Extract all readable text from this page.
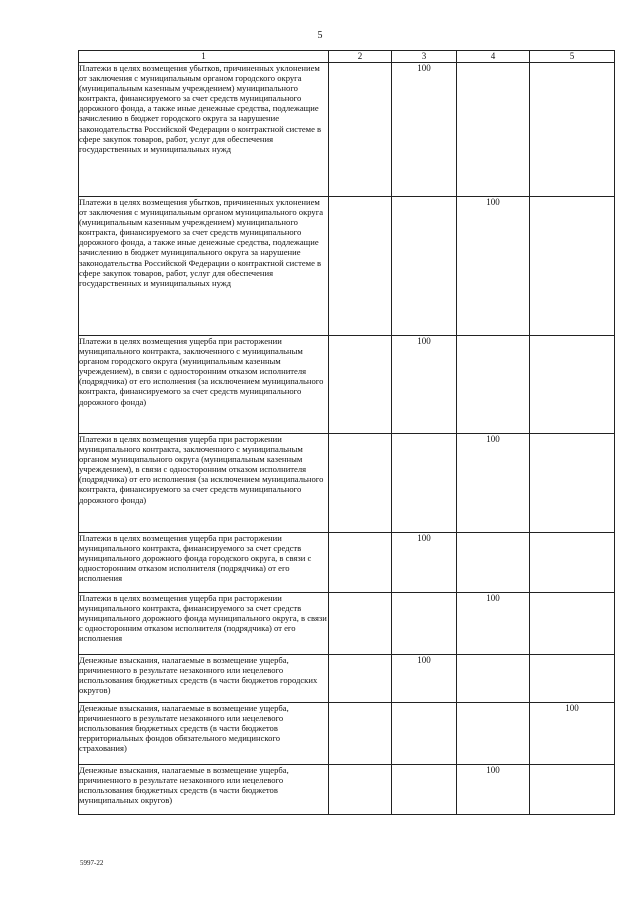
5
1	2	3	4	5
Платежи в целях возмещения убытков, причиненных уклонением от заключения с муниципальным органом городского округа (муниципальным казенным учреждением) муниципального контракта, финансируемого за счет средств муниципального дорожного фонда, а также иные денежные средства, подлежащие зачислению в бюджет городского округа за нарушение законодательства Российской Федерации о контрактной системе в сфере закупок товаров, работ, услуг для обеспечения государственных и муниципальных нужд		100		
Платежи в целях возмещения убытков, причиненных уклонением от заключения с муниципальным органом муниципального округа (муниципальным казенным учреждением) муниципального контракта, финансируемого за счет средств муниципального дорожного фонда, а также иные денежные средства, подлежащие зачислению в бюджет муниципального округа за нарушение законодательства Российской Федерации о контрактной системе в сфере закупок товаров, работ, услуг для обеспечения государственных и муниципальных нужд			100	
Платежи в целях возмещения ущерба при расторжении муниципального контракта, заключенного с муниципальным органом городского округа (муниципальным казенным учреждением), в связи с односторонним отказом исполнителя (подрядчика) от его исполнения (за исключением муниципального контракта, финансируемого за счет средств муниципального дорожного фонда)		100		
Платежи в целях возмещения ущерба при расторжении муниципального контракта, заключенного с муниципальным органом муниципального округа (муниципальным казенным учреждением), в связи с односторонним отказом исполнителя (подрядчика) от его исполнения (за исключением муниципального контракта, финансируемого за счет средств муниципального дорожного фонда)			100	
Платежи в целях возмещения ущерба при расторжении муниципального контракта, финансируемого за счет средств муниципального дорожного фонда городского округа, в связи с односторонним отказом исполнителя (подрядчика) от его исполнения		100		
Платежи в целях возмещения ущерба при расторжении муниципального контракта, финансируемого за счет средств муниципального дорожного фонда муниципального округа, в связи с односторонним отказом исполнителя (подрядчика) от его исполнения			100	
Денежные взыскания, налагаемые в возмещение ущерба, причиненного в результате незаконного или нецелевого использования бюджетных средств (в части бюджетов городских округов)		100		
Денежные взыскания, налагаемые в возмещение ущерба, причиненного в результате незаконного или нецелевого использования бюджетных средств (в части бюджетов территориальных фондов обязательного медицинского страхования)				100
Денежные взыскания, налагаемые в возмещение ущерба, причиненного в результате незаконного или нецелевого использования бюджетных средств (в части бюджетов муниципальных округов)			100	
5997-22
